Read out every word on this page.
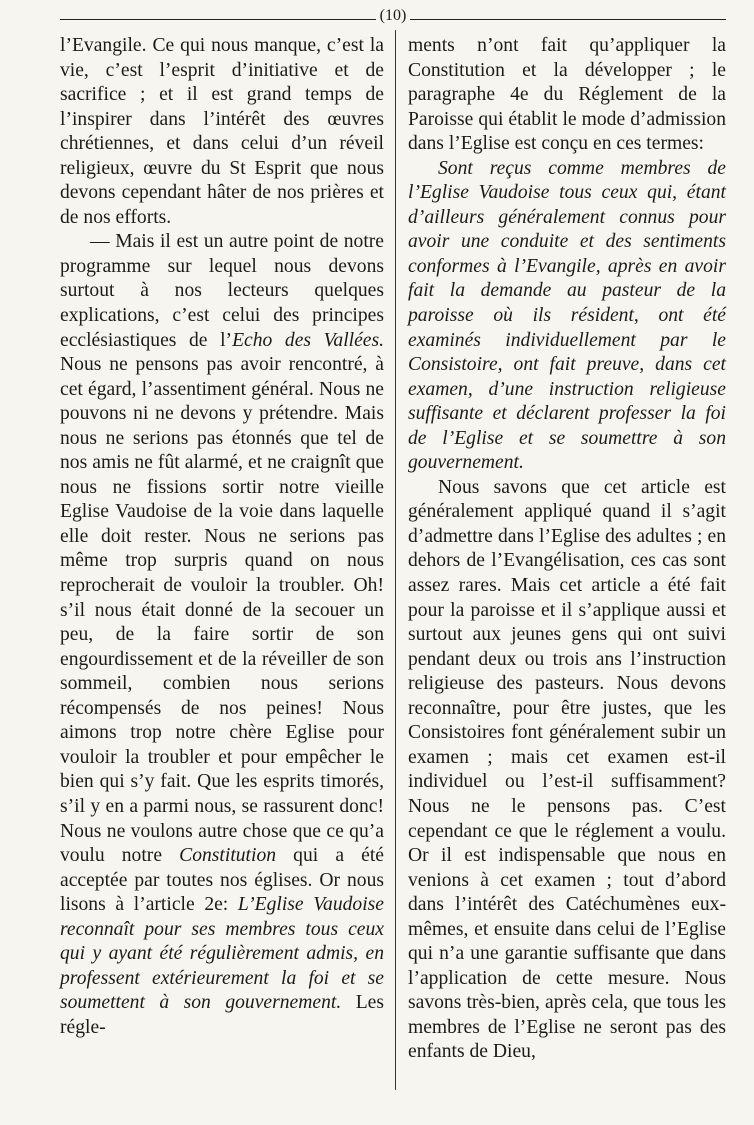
(10)

l’Evangile. Ce qui nous manque, c’est la vie, c’est l’esprit d’initiative et de sacrifice ; et il est grand temps de l’inspirer dans l’intérêt des œuvres chrétiennes, et dans celui d’un réveil religieux, œuvre du St Esprit que nous devons cependant hâter de nos prières et de nos efforts.

— Mais il est un autre point de notre programme sur lequel nous devons surtout à nos lecteurs quelques explications, c’est celui des principes ecclésiastiques de l’Echo des Vallées. Nous ne pensons pas avoir rencontré, à cet égard, l’assentiment général. Nous ne pouvons ni ne devons y prétendre. Mais nous ne serions pas étonnés que tel de nos amis ne fût alarmé, et ne craignît que nous ne fissions sortir notre vieille Eglise Vaudoise de la voie dans laquelle elle doit rester. Nous ne serions pas même trop surpris quand on nous reprocherait de vouloir la troubler. Oh! s’il nous était donné de la secouer un peu, de la faire sortir de son engourdissement et de la réveiller de son sommeil, combien nous serions récompensés de nos peines! Nous aimons trop notre chère Eglise pour vouloir la troubler et pour empêcher le bien qui s’y fait. Que les esprits timorés, s’il y en a parmi nous, se rassurent donc! Nous ne voulons autre chose que ce qu’a voulu notre Constitution qui a été acceptée par toutes nos églises. Or nous lisons à l’article 2e: L’Eglise Vaudoise reconnaît pour ses membres tous ceux qui y ayant été régulièrement admis, en professent extérieurement la foi et se soumettent à son gouvernement. Les régle-

ments n’ont fait qu’appliquer la Constitution et la développer ; le paragraphe 4e du Réglement de la Paroisse qui établit le mode d’admission dans l’Eglise est conçu en ces termes:

Sont reçus comme membres de l’Eglise Vaudoise tous ceux qui, étant d’ailleurs généralement connus pour avoir une conduite et des sentiments conformes à l’Evangile, après en avoir fait la demande au pasteur de la paroisse où ils résident, ont été examinés individuellement par le Consistoire, ont fait preuve, dans cet examen, d’une instruction religieuse suffisante et déclarent professer la foi de l’Eglise et se soumettre à son gouvernement.

Nous savons que cet article est généralement appliqué quand il s’agit d’admettre dans l’Eglise des adultes ; en dehors de l’Evangélisation, ces cas sont assez rares. Mais cet article a été fait pour la paroisse et il s’applique aussi et surtout aux jeunes gens qui ont suivi pendant deux ou trois ans l’instruction religieuse des pasteurs. Nous devons reconnaître, pour être justes, que les Consistoires font généralement subir un examen ; mais cet examen est-il individuel ou l’est-il suffisamment? Nous ne le pensons pas. C’est cependant ce que le réglement a voulu. Or il est indispensable que nous en venions à cet examen ; tout d’abord dans l’intérêt des Catéchumènes eux-mêmes, et ensuite dans celui de l’Eglise qui n’a une garantie suffisante que dans l’application de cette mesure. Nous savons très-bien, après cela, que tous les membres de l’Eglise ne seront pas des enfants de Dieu,
